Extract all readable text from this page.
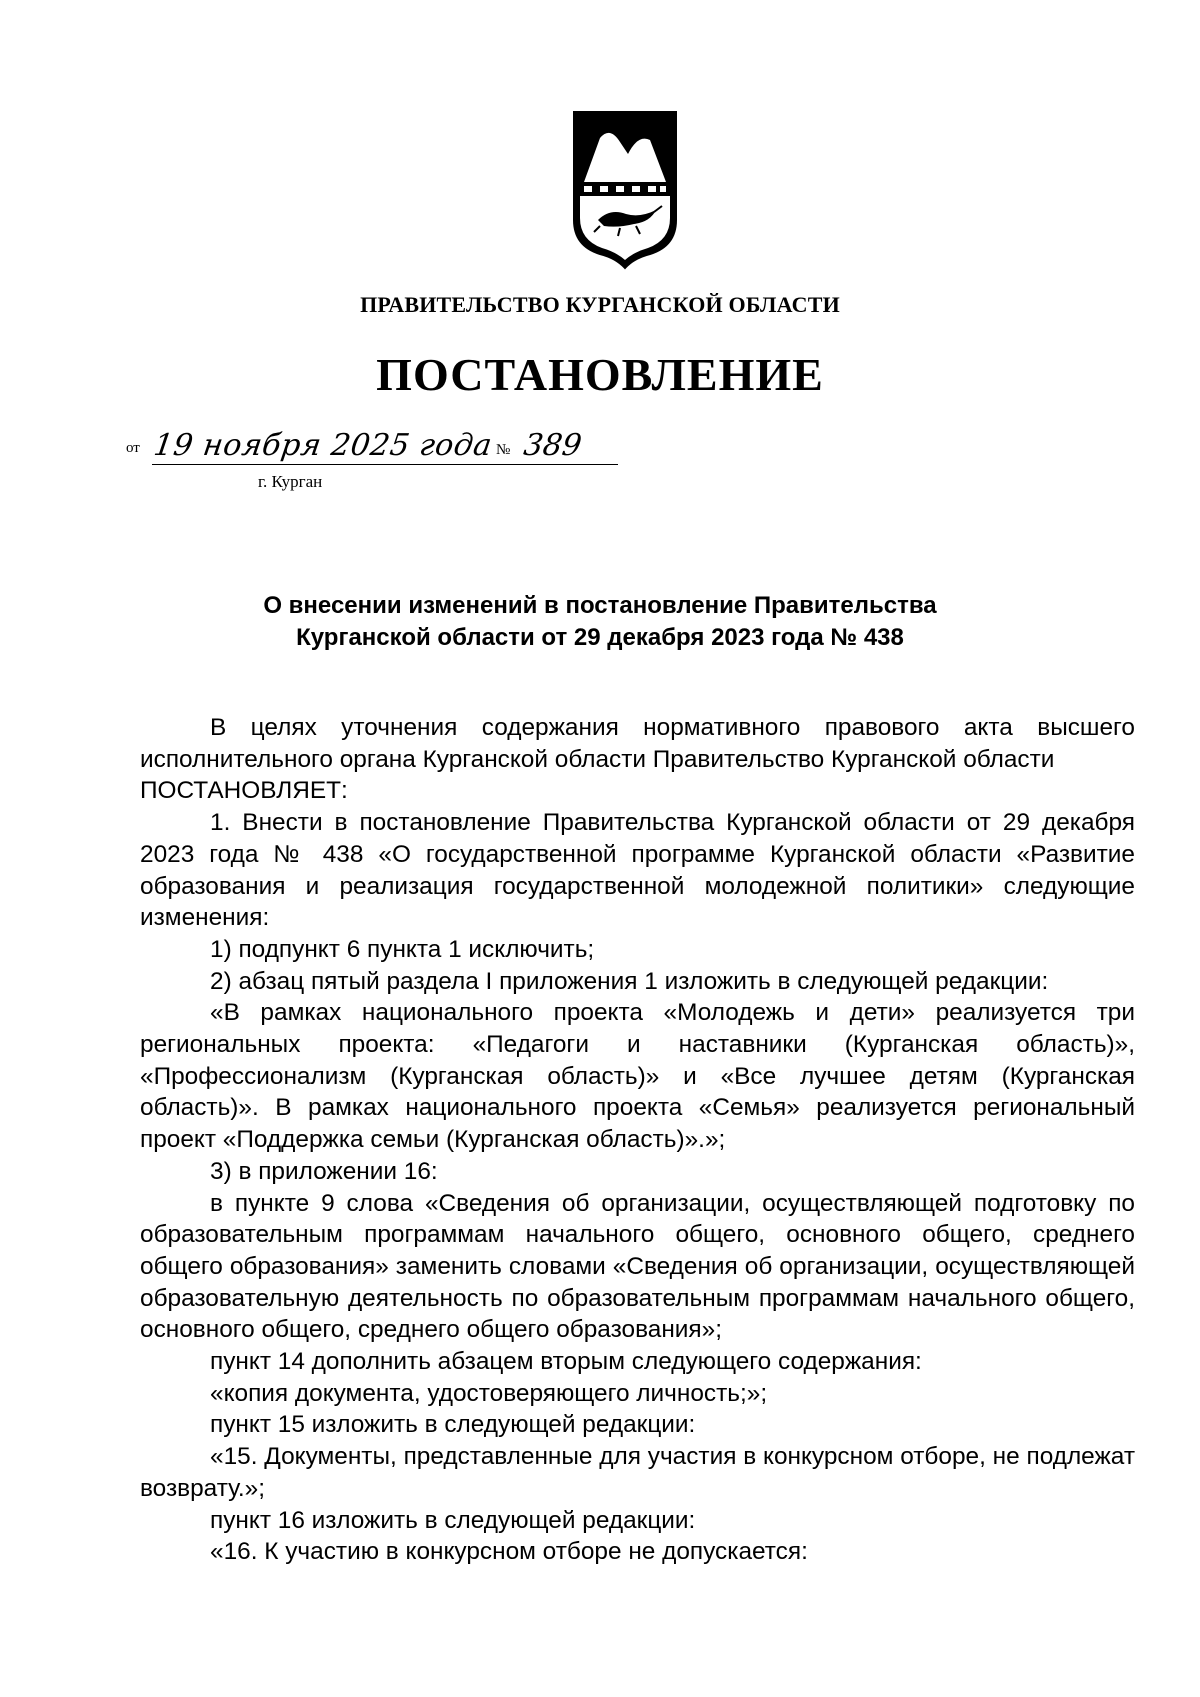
ПРАВИТЕЛЬСТВО КУРГАНСКОЙ ОБЛАСТИ
ПОСТАНОВЛЕНИЕ
от 19 ноября 2025 года № 389
г. Курган
О внесении изменений в постановление Правительства
Курганской области от 29 декабря 2023 года № 438

В целях уточнения содержания нормативного правового акта высшего исполнительного органа Курганской области Правительство Курганской области

ПОСТАНОВЛЯЕТ:

1. Внести в постановление Правительства Курганской области от 29 декабря 2023 года № 438 «О государственной программе Курганской области «Развитие образования и реализация государственной молодежной политики» следующие изменения:

1) подпункт 6 пункта 1 исключить;

2) абзац пятый раздела I приложения 1 изложить в следующей редакции:

«В рамках национального проекта «Молодежь и дети» реализуется три региональных проекта: «Педагоги и наставники (Курганская область)», «Профессионализм (Курганская область)» и «Все лучшее детям (Курганская область)». В рамках национального проекта «Семья» реализуется региональный проект «Поддержка семьи (Курганская область)».»;

3) в приложении 16:

в пункте 9 слова «Сведения об организации, осуществляющей подготовку по образовательным программам начального общего, основного общего, среднего общего образования» заменить словами «Сведения об организации, осуществляющей образовательную деятельность по образовательным программам начального общего, основного общего, среднего общего образования»;

пункт 14 дополнить абзацем вторым следующего содержания:

«копия документа, удостоверяющего личность;»;

пункт 15 изложить в следующей редакции:

«15. Документы, представленные для участия в конкурсном отборе, не подлежат возврату.»;

пункт 16 изложить в следующей редакции:

«16. К участию в конкурсном отборе не допускается:
